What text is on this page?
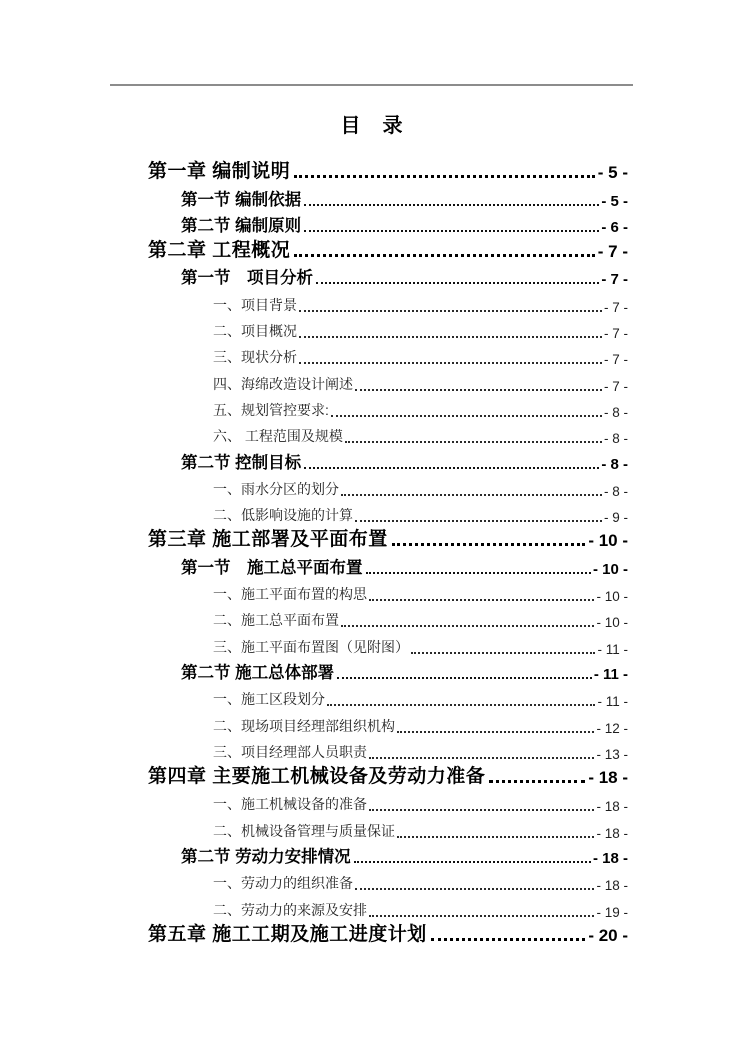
目　录
第一章 编制说明	- 5 -
第一节 编制依据	- 5 -
第二节 编制原则	- 6 -
第二章 工程概况	- 7 -
第一节　项目分析	- 7 -
一、项目背景	- 7 -
二、项目概况	- 7 -
三、现状分析	- 7 -
四、海绵改造设计阐述	- 7 -
五、规划管控要求:	- 8 -
六、 工程范围及规模	- 8 -
第二节 控制目标	- 8 -
一、雨水分区的划分	- 8 -
二、低影响设施的计算	- 9 -
第三章 施工部署及平面布置	- 10 -
第一节　施工总平面布置	- 10 -
一、施工平面布置的构思	- 10 -
二、施工总平面布置	- 10 -
三、施工平面布置图（见附图）	- 11 -
第二节 施工总体部署	- 11 -
一、施工区段划分	- 11 -
二、现场项目经理部组织机构	- 12 -
三、项目经理部人员职责	- 13 -
第四章 主要施工机械设备及劳动力准备	- 18 -
一、施工机械设备的准备	- 18 -
二、机械设备管理与质量保证	- 18 -
第二节 劳动力安排情况	- 18 -
一、劳动力的组织准备	- 18 -
二、劳动力的来源及安排	- 19 -
第五章 施工工期及施工进度计划	- 20 -
